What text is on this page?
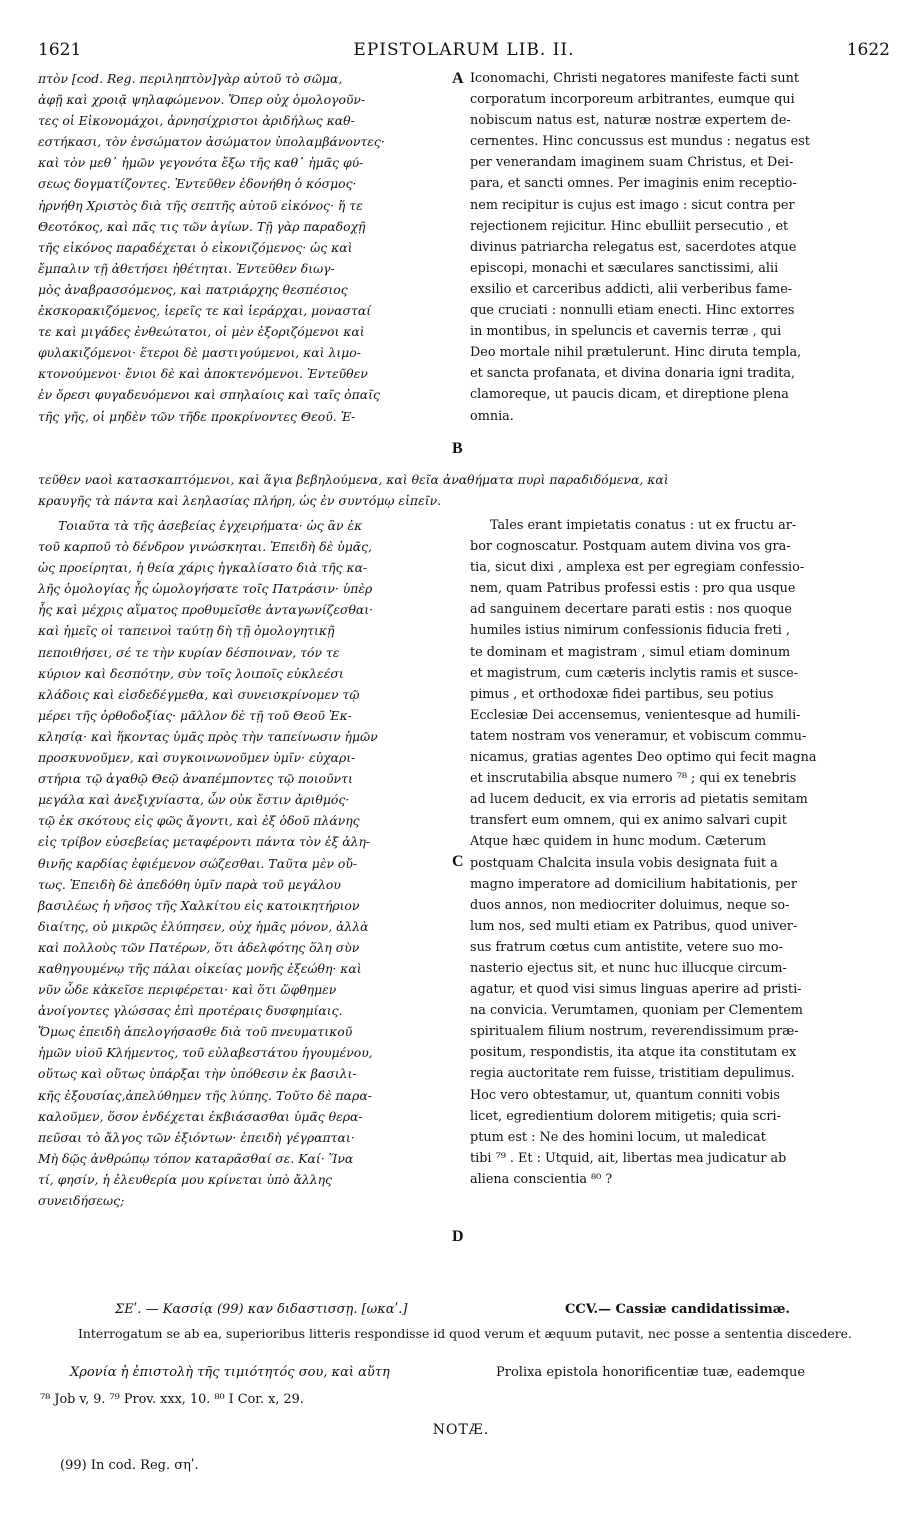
1621	EPISTOLARUM LIB. II.	1622
πτὸν [cod. Reg. περιληπτὸν]γὰρ αὐτοῦ τὸ σῶμα,
ἀφῇ καὶ χροιᾷ ψηλαφώμενον. Ὅπερ οὐχ ὁμολογοῦν-
τες οἱ Εἰκονομάχοι, ἀρνησίχριστοι ἀριδήλως καθ-
εστήκασι, τὸν ἐνσώματον ἀσώματον ὑπολαμβάνοντες·
καὶ τὸν μεθ᾽ ἡμῶν γεγονότα ἔξω τῆς καθ᾽ ἡμᾶς φύ-
σεως δογματίζοντες. Ἐντεῦθεν ἐδονήθη ὁ κόσμος·
ἠρνήθη Χριστὸς διὰ τῆς σεπτῆς αὐτοῦ εἰκόνος· ἥ τε
Θεοτόκος, καὶ πᾶς τις τῶν ἁγίων. Τῇ γὰρ παραδοχῇ
τῆς εἰκόνος παραδέχεται ὁ εἰκονιζόμενος· ὡς καὶ
ἔμπαλιν τῇ ἀθετήσει ἠθέτηται. Ἐντεῦθεν διωγ-
μὸς ἀναβρασσόμενος, καὶ πατριάρχης θεσπέσιος
ἐκσκορακιζόμενος, ἱερεῖς τε καὶ ἱεράρχαι, μονασταί
τε καὶ μιγάδες ἐνθεώτατοι, οἱ μὲν ἐξοριζόμενοι καὶ
φυλακιζόμενοι· ἕτεροι δὲ μαστιγούμενοι, καὶ λιμο-
κτονούμενοι· ἔνιοι δὲ καὶ ἀποκτενόμενοι. Ἐντεῦθεν
ἐν ὄρεσι φυγαδευόμενοι καὶ σπηλαίοις καὶ ταῖς ὀπαῖς
τῆς γῆς, οἱ μηδὲν τῶν τῆδε προκρίνοντες Θεοῦ. Ἐ-
Iconomachi, Christi negatores manifeste facti sunt
corporatum incorporeum arbitrantes, eumque qui
nobiscum natus est, naturæ nostræ expertem de-
cernentes. Hinc concussus est mundus : negatus est
per venerandam imaginem suam Christus, et Dei-
para, et sancti omnes. Per imaginis enim receptio-
nem recipitur is cujus est imago : sicut contra per
rejectionem rejicitur. Hinc ebulliit persecutio , et
divinus patriarcha relegatus est, sacerdotes atque
episcopi, monachi et sæculares sanctissimi, alii
exsilio et carceribus addicti, alii verberibus fame-
que cruciati : nonnulli etiam enecti. Hinc extorres
in montibus, in speluncis et cavernis terræ , qui
Deo mortale nihil prætulerunt. Hinc diruta templa,
et sancta profanata, et divina donaria igni tradita,
clamoreque, ut paucis dicam, et direptione plena
omnia.
A
B
τεῦθεν ναοὶ κατασκαπτόμενοι, καὶ ἅγια βεβηλούμενα, καὶ θεῖα ἀναθήματα πυρὶ παραδιδόμενα, καὶ
κραυγῆς τὰ πάντα καὶ λεηλασίας πλήρη, ὡς ἐν συντόμῳ εἰπεῖν.
Τοιαῦτα τὰ τῆς ἀσεβείας ἐγχειρήματα· ὡς ἂν ἐκ
τοῦ καρποῦ τὸ δένδρον γινώσκηται. Ἐπειδὴ δὲ ὑμᾶς,
ὡς προείρηται, ἡ θεία χάρις ἠγκαλίσατο διὰ τῆς κα-
λῆς ὁμολογίας ἧς ὡμολογήσατε τοῖς Πατράσιν· ὑπὲρ
ἧς καὶ μέχρις αἵματος προθυμεῖσθε ἀνταγωνίζεσθαι·
καὶ ἡμεῖς οἱ ταπεινοὶ ταύτῃ δὴ τῇ ὁμολογητικῇ
πεποιθήσει, σέ τε τὴν κυρίαν δέσποιναν, τόν τε
κύριον καὶ δεσπότην, σὺν τοῖς λοιποῖς εὐκλεέσι
κλάδοις καὶ εἰσδεδέγμεθα, καὶ συνεισκρίνομεν τῷ
μέρει τῆς ὀρθοδοξίας· μᾶλλον δὲ τῇ τοῦ Θεοῦ Ἐκ-
κλησίᾳ· καὶ ἥκοντας ὑμᾶς πρὸς τὴν ταπείνωσιν ἡμῶν
προσκυνοῦμεν, καὶ συγκοινωνοῦμεν ὑμῖν· εὐχαρι-
στήρια τῷ ἀγαθῷ Θεῷ ἀναπέμποντες τῷ ποιοῦντι
μεγάλα καὶ ἀνεξιχνίαστα, ὧν οὐκ ἔστιν ἀριθμός·
τῷ ἐκ σκότους εἰς φῶς ἄγοντι, καὶ ἐξ ὁδοῦ πλάνης
εἰς τρίβον εὐσεβείας μεταφέροντι πάντα τὸν ἐξ ἀλη-
θινῆς καρδίας ἐφιέμενον σώζεσθαι. Ταῦτα μὲν οὔ-
τως. Ἐπειδὴ δὲ ἀπεδόθη ὑμῖν παρὰ τοῦ μεγάλου
βασιλέως ἡ νῆσος τῆς Χαλκίτου εἰς κατοικητήριον
διαίτης, οὐ μικρῶς ἐλύπησεν, οὐχ ἡμᾶς μόνον, ἀλλὰ
καὶ πολλοὺς τῶν Πατέρων, ὅτι ἀδελφότης ὅλη σὺν
καθηγουμένῳ τῆς πάλαι οἰκείας μονῆς ἐξεώθη· καὶ
νῦν ὧδε κἀκεῖσε περιφέρεται· καὶ ὅτι ὤφθημεν
ἀνοίγοντες γλώσσας ἐπὶ προτέραις δυσφημίαις.
Ὅμως ἐπειδὴ ἀπελογήσασθε διὰ τοῦ πνευματικοῦ
ἡμῶν υἱοῦ Κλήμεντος, τοῦ εὐλαβεστάτου ἡγουμένου,
οὕτως καὶ οὕτως ὑπάρξαι τὴν ὑπόθεσιν ἐκ βασιλι-
κῆς ἐξουσίας,ἀπελύθημεν τῆς λύπης. Τοῦτο δὲ παρα-
καλοῦμεν, ὅσον ἐνδέχεται ἐκβιάσασθαι ὑμᾶς θερα-
πεῦσαι τὸ ἄλγος τῶν ἐξιόντων· ἐπειδὴ γέγραπται·
Μὴ δῷς ἀνθρώπῳ τόπον καταρᾶσθαί σε. Καί· Ἵνα
τί, φησίν, ἡ ἐλευθερία μου κρίνεται ὑπὸ ἄλλης
συνειδήσεως;
Tales erant impietatis conatus : ut ex fructu ar-
bor cognoscatur. Postquam autem divina vos gra-
tia, sicut dixi , amplexa est per egregiam confessio-
nem, quam Patribus professi estis : pro qua usque
ad sanguinem decertare parati estis : nos quoque
humiles istius nimirum confessionis fiducia freti ,
te dominam et magistram , simul etiam dominum
et magistrum, cum cæteris inclytis ramis et susce-
pimus , et orthodoxæ fidei partibus, seu potius
Ecclesiæ Dei accensemus, venientesque ad humili-
tatem nostram vos veneramur, et vobiscum commu-
nicamus, gratias agentes Deo optimo qui fecit magna
et inscrutabilia absque numero ⁷⁸ ; qui ex tenebris
ad lucem deducit, ex via erroris ad pietatis semitam
transfert eum omnem, qui ex animo salvari cupit
Atque hæc quidem in hunc modum. Cæterum
postquam Chalcita insula vobis designata fuit a
magno imperatore ad domicilium habitationis, per
duos annos, non mediocriter doluimus, neque so-
lum nos, sed multi etiam ex Patribus, quod univer-
sus fratrum cœtus cum antistite, vetere suo mo-
nasterio ejectus sit, et nunc huc illucque circum-
agatur, et quod visi simus linguas aperire ad pristi-
na convicia. Verumtamen, quoniam per Clementem
spiritualem filium nostrum, reverendissimum præ-
positum, respondistis, ita atque ita constitutam ex
regia auctoritate rem fuisse, tristitiam depulimus.
Hoc vero obtestamur, ut, quantum conniti vobis
licet, egredientium dolorem mitigetis; quia scri-
ptum est : Ne des homini locum, ut maledicat
tibi ⁷⁹ . Et : Utquid, ait, libertas mea judicatur ab
aliena conscientia ⁸⁰ ?
C
D
ΣΕʹ. — Κασσίᾳ (99) καν διδαστισσῃ. [ωκαʹ.]	CCV.— Cassiæ candidatissimæ.
Interrogatum se ab ea, superioribus litteris respondisse id quod verum et æquum putavit, nec posse a sententia discedere.
Χρονία ἡ ἐπιστολὴ τῆς τιμιότητός σου, καὶ αὕτη	Prolixa epistola honorificentiæ tuæ, eademque
⁷⁸ Job v, 9. ⁷⁹ Prov. xxx, 10. ⁸⁰ I Cor. x, 29.
NOTÆ.
(99) In cod. Reg. σηʹ.
